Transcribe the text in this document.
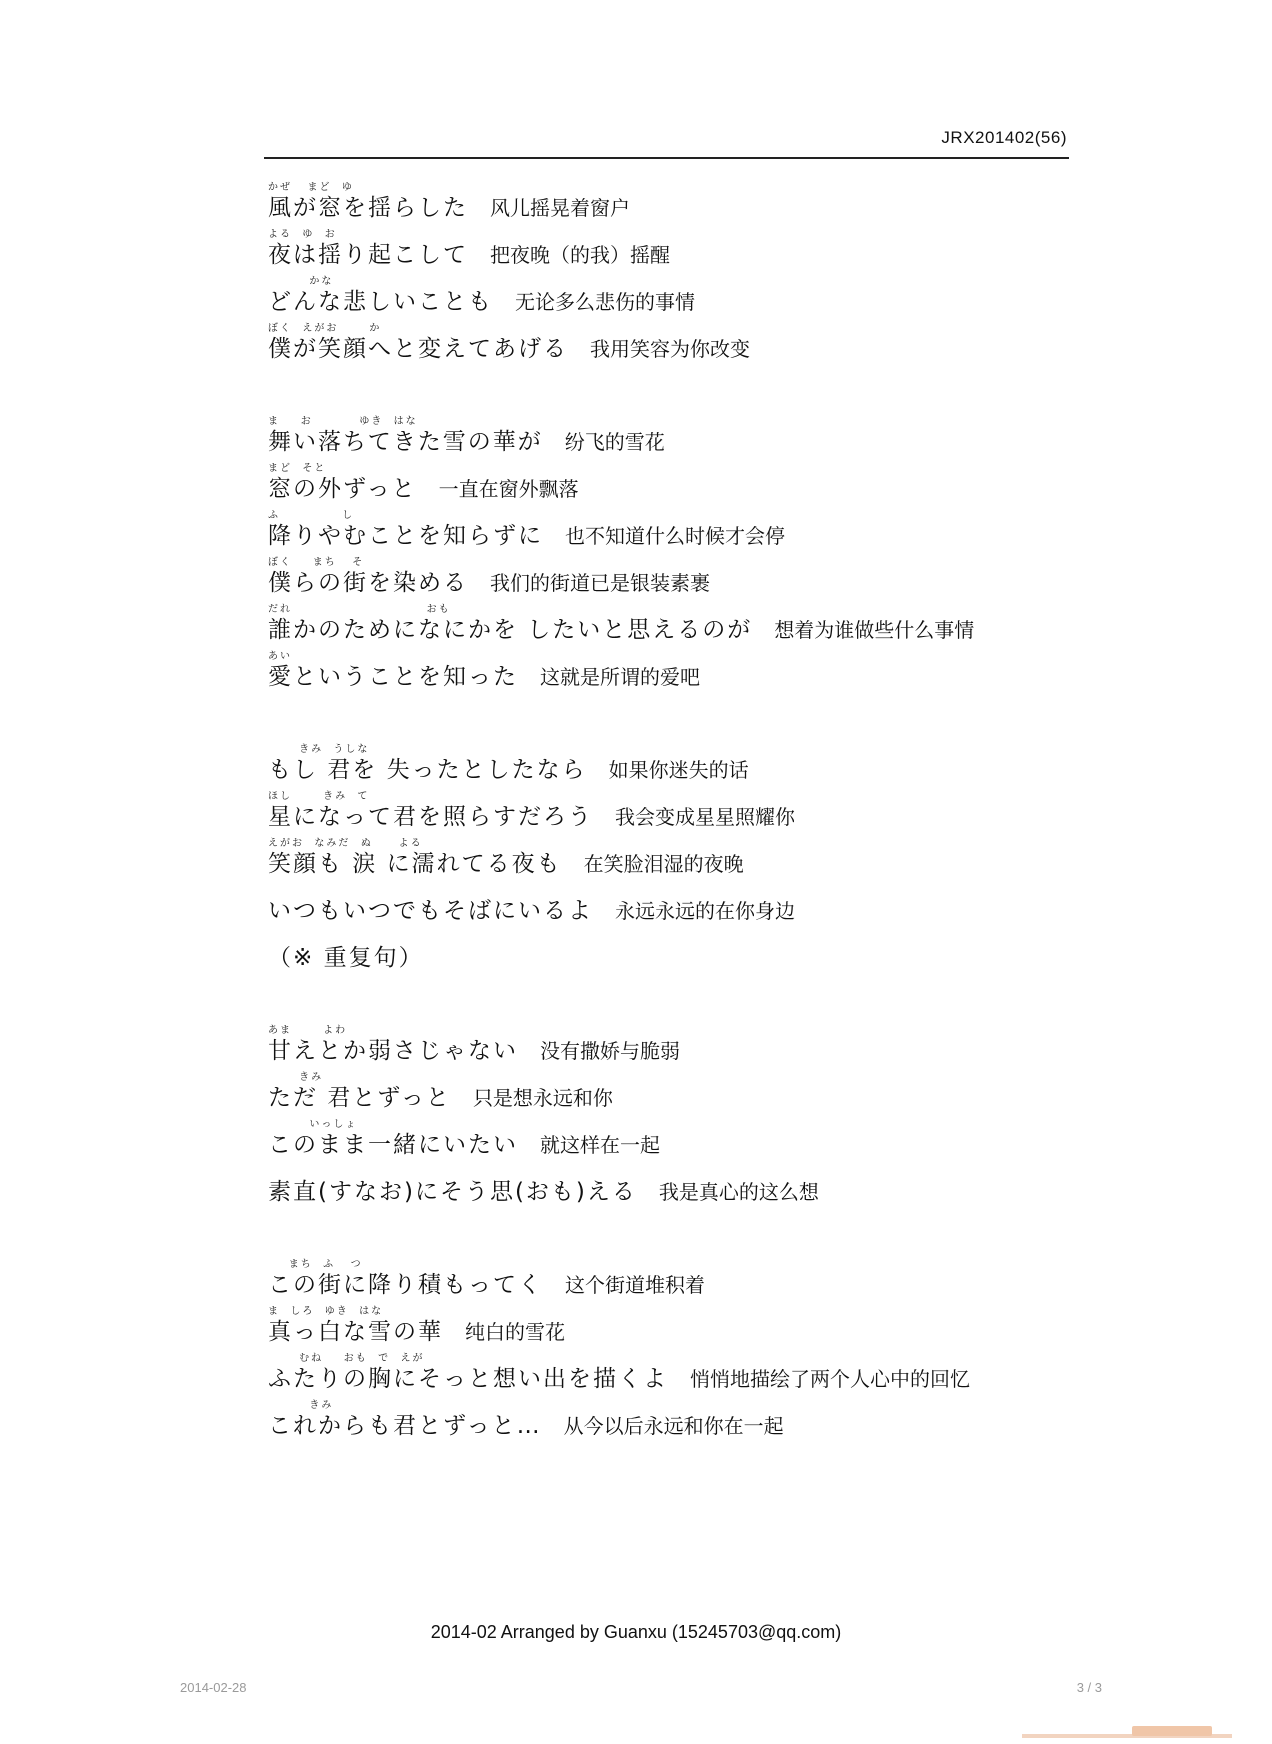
JRX201402(56)
かぜ   まど  ゆ
風が窓を揺らした 风儿摇晃着窗户
よる  ゆ  お
夜は揺り起こして 把夜晚（的我）摇醒
かな
どんな悲しいことも 无论多么悲伤的事情
ぼく  えがお      か
僕が笑顔へと変えてあげる 我用笑容为你改变
ま    お         ゆき  はな
舞い落ちてきた雪の華が 纷飞的雪花
まど  そと
窓の外ずっと 一直在窗外飘落
ふ            し
降りやむことを知らずに 也不知道什么时候才会停
ぼく    まち   そ
僕らの街を染める 我们的街道已是银装素裹
だれ                          おも
誰かのためになにかを したいと思えるのが 想着为谁做些什么事情
あい
愛ということを知った 这就是所谓的爱吧
きみ  うしな
もし 君を 失ったとしたなら 如果你迷失的话
ほし      きみ  て
星になって君を照らすだろう 我会变成星星照耀你
えがお  なみだ  ぬ     よる
笑顔も 涙 に濡れてる夜も 在笑脸泪湿的夜晚
いつもいつでもそばにいるよ 永远永远的在你身边
（※ 重复句）
あま      よわ
甘えとか弱さじゃない 没有撒娇与脆弱
きみ
ただ 君とずっと 只是想永远和你
いっしょ
このまま一緒にいたい 就这样在一起
素直(すなお)にそう思(おも)える 我是真心的这么想
まち  ふ   つ
この街に降り積もってく 这个街道堆积着
ま  しろ  ゆき  はな
真っ白な雪の華 纯白的雪花
むね    おも  で  えが
ふたりの胸にそっと想い出を描くよ 悄悄地描绘了两个人心中的回忆
きみ
これからも君とずっと… 从今以后永远和你在一起
2014-02 Arranged by Guanxu (15245703@qq.com)
2014-02-28	3 / 3
